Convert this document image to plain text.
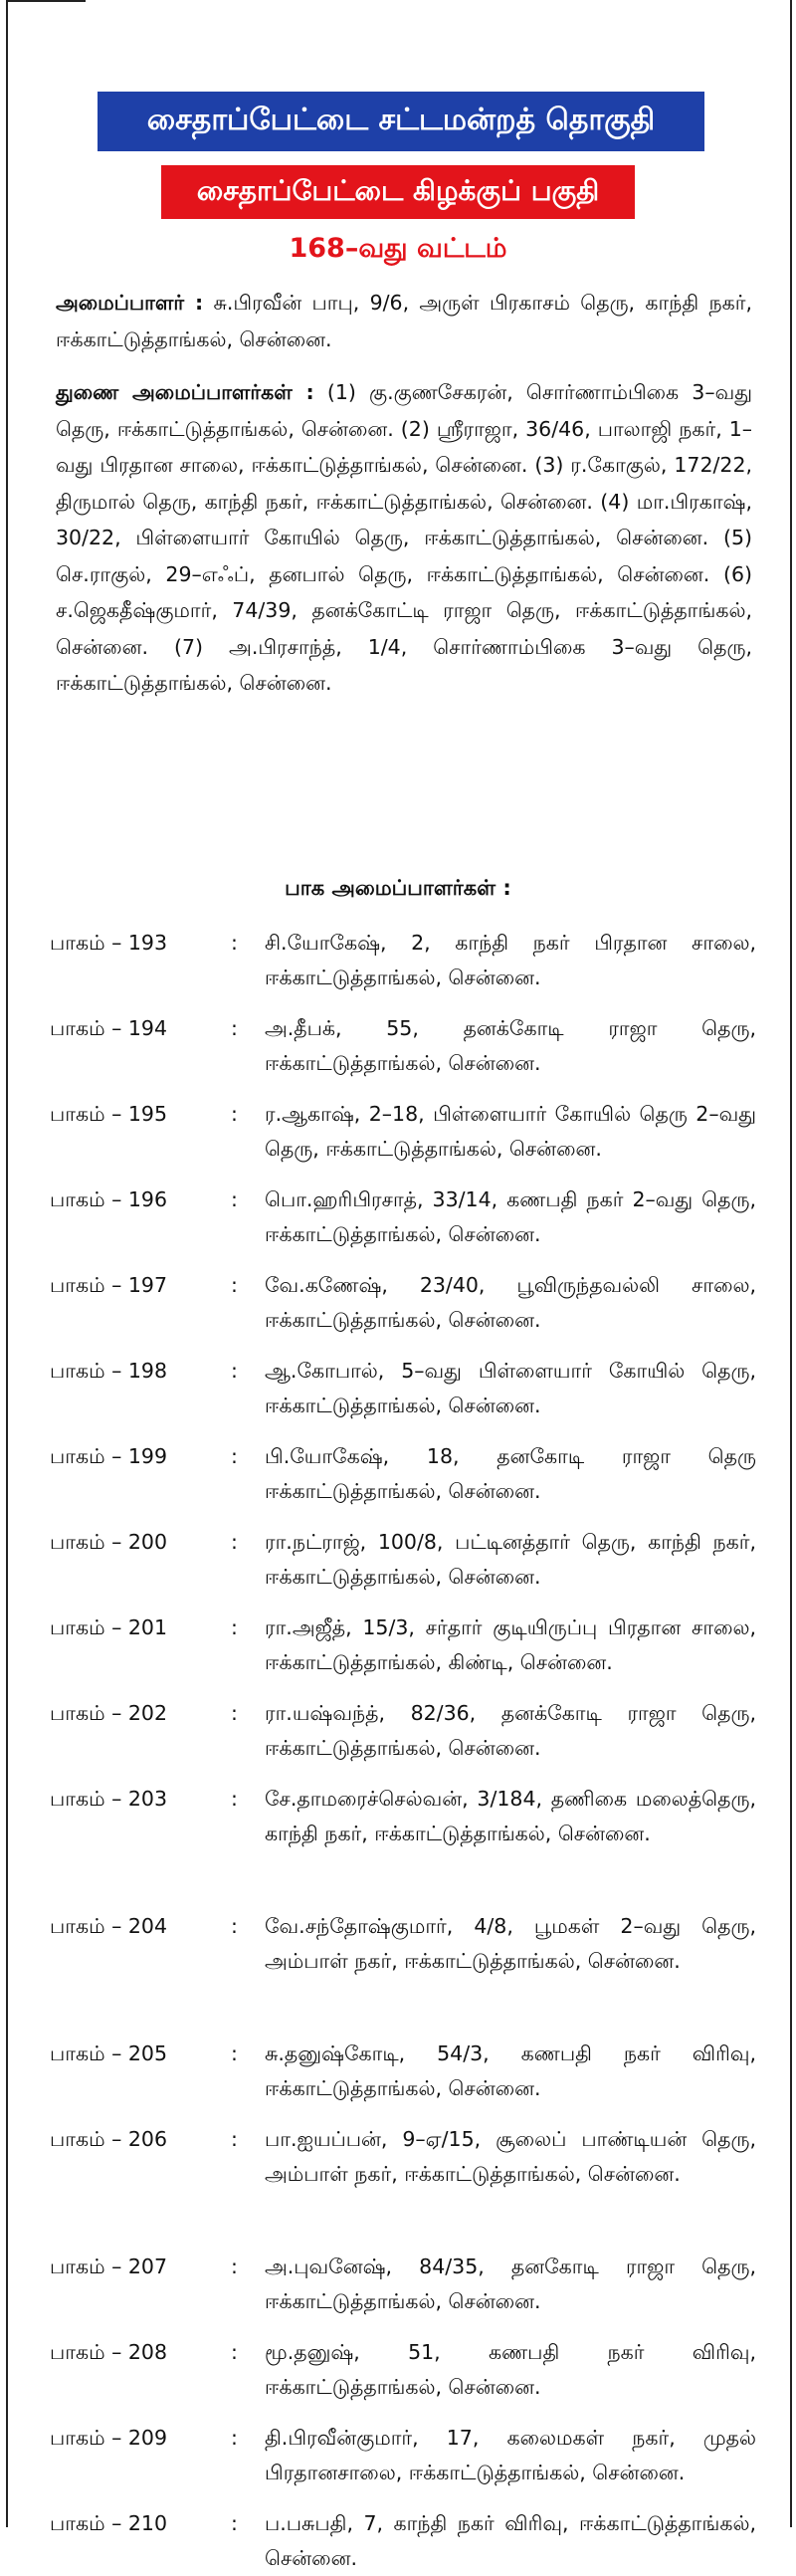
சைதாப்பேட்டை சட்டமன்றத் தொகுதி
சைதாப்பேட்டை கிழக்குப் பகுதி
168–வது வட்டம்
அமைப்பாளர் : சு.பிரவீன் பாபு, 9/6, அருள் பிரகாசம் தெரு, காந்தி நகர், ஈக்காட்டுத்தாங்கல், சென்னை.
துணை அமைப்பாளர்கள் : (1) கு.குணசேகரன், சொர்ணாம்பிகை 3–வது தெரு, ஈக்காட்டுத்தாங்கல், சென்னை. (2) ஸ்ரீராஜா, 36/46, பாலாஜி நகர், 1–வது பிரதான சாலை, ஈக்காட்டுத்தாங்கல், சென்னை. (3) ர.கோகுல், 172/22, திருமால் தெரு, காந்தி நகர், ஈக்காட்டுத்தாங்கல், சென்னை. (4) மா.பிரகாஷ், 30/22, பிள்ளையார் கோயில் தெரு, ஈக்காட்டுத்தாங்கல், சென்னை. (5) செ.ராகுல், 29–எஃப், தனபால் தெரு, ஈக்காட்டுத்தாங்கல், சென்னை. (6) ச.ஜெகதீஷ்குமார், 74/39, தனக்கோட்டி ராஜா தெரு, ஈக்காட்டுத்தாங்கல், சென்னை. (7) அ.பிரசாந்த், 1/4, சொர்ணாம்பிகை 3–வது தெரு, ஈக்காட்டுத்தாங்கல், சென்னை.
பாக அமைப்பாளர்கள் :
பாகம் – 193	:	சி.யோகேஷ், 2, காந்தி நகர் பிரதான சாலை, ஈக்காட்டுத்தாங்கல், சென்னை.
பாகம் – 194	:	அ.தீபக், 55, தனக்கோடி ராஜா தெரு, ஈக்காட்டுத்தாங்கல், சென்னை.
பாகம் – 195	:	ர.ஆகாஷ், 2–18, பிள்ளையார் கோயில் தெரு 2–வது தெரு, ஈக்காட்டுத்தாங்கல், சென்னை.
பாகம் – 196	:	பொ.ஹரிபிரசாத், 33/14, கணபதி நகர் 2–வது தெரு, ஈக்காட்டுத்தாங்கல், சென்னை.
பாகம் – 197	:	வே.கணேஷ், 23/40, பூவிருந்தவல்லி சாலை, ஈக்காட்டுத்தாங்கல், சென்னை.
பாகம் – 198	:	ஆ.கோபால், 5–வது பிள்ளையார் கோயில் தெரு, ஈக்காட்டுத்தாங்கல், சென்னை.
பாகம் – 199	:	பி.யோகேஷ், 18, தனகோடி ராஜா தெரு ஈக்காட்டுத்தாங்கல், சென்னை.
பாகம் – 200	:	ரா.நட்ராஜ், 100/8, பட்டினத்தார் தெரு, காந்தி நகர், ஈக்காட்டுத்தாங்கல், சென்னை.
பாகம் – 201	:	ரா.அஜீத், 15/3, சர்தார் குடியிருப்பு பிரதான சாலை, ஈக்காட்டுத்தாங்கல், கிண்டி, சென்னை.
பாகம் – 202	:	ரா.யஷ்வந்த், 82/36, தனக்கோடி ராஜா தெரு, ஈக்காட்டுத்தாங்கல், சென்னை.
பாகம் – 203	:	சே.தாமரைச்செல்வன், 3/184, தணிகை மலைத்தெரு, காந்தி நகர், ஈக்காட்டுத்தாங்கல், சென்னை.
பாகம் – 204	:	வே.சந்தோஷ்குமார், 4/8, பூமகள் 2–வது தெரு, அம்பாள் நகர், ஈக்காட்டுத்தாங்கல், சென்னை.
பாகம் – 205	:	சு.தனுஷ்கோடி, 54/3, கணபதி நகர் விரிவு, ஈக்காட்டுத்தாங்கல், சென்னை.
பாகம் – 206	:	பா.ஐயப்பன், 9–ஏ/15, சூலைப் பாண்டியன் தெரு, அம்பாள் நகர், ஈக்காட்டுத்தாங்கல், சென்னை.
பாகம் – 207	:	அ.புவனேஷ், 84/35, தனகோடி ராஜா தெரு, ஈக்காட்டுத்தாங்கல், சென்னை.
பாகம் – 208	:	மூ.தனுஷ், 51, கணபதி நகர் விரிவு, ஈக்காட்டுத்தாங்கல், சென்னை.
பாகம் – 209	:	தி.பிரவீன்குமார், 17, கலைமகள் நகர், முதல் பிரதானசாலை, ஈக்காட்டுத்தாங்கல், சென்னை.
பாகம் – 210	:	ப.பசுபதி, 7, காந்தி நகர் விரிவு, ஈக்காட்டுத்தாங்கல், சென்னை.
